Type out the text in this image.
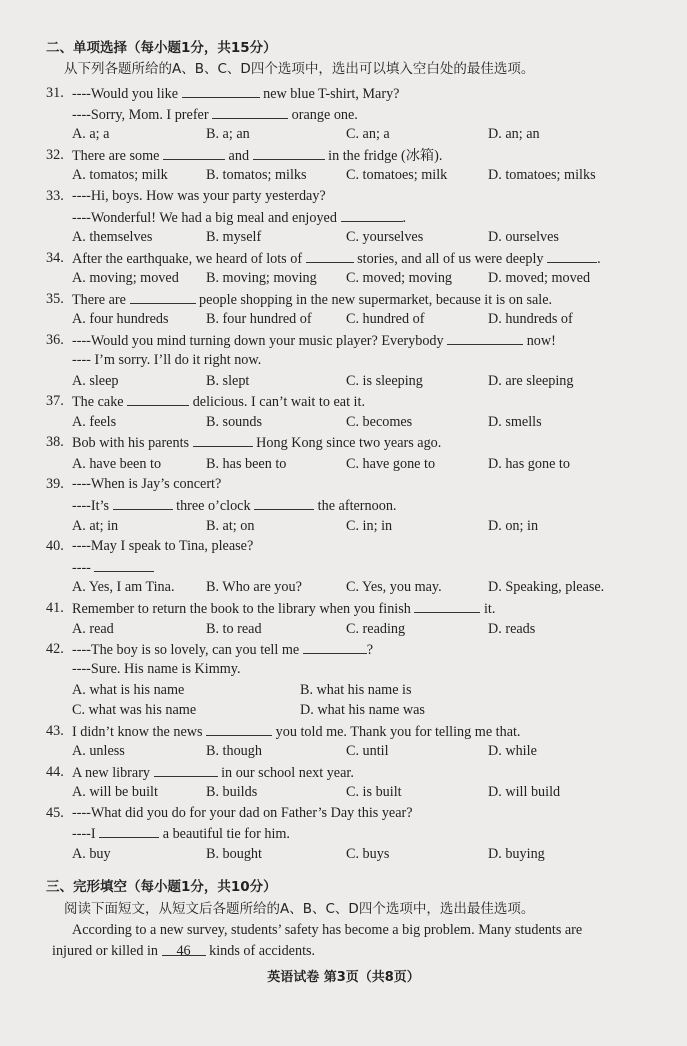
二、单项选择（每小题1分，共15分）
从下列各题所给的A、B、C、D四个选项中，选出可以填入空白处的最佳选项。
31. ----Would you like	new blue T-shirt, Mary?
----Sorry, Mom. I prefer	orange one.
A. a; a	B. a; an	C. an; a	D. an; an
32. There are some	and	in the fridge (冰箱).
A. tomatos; milk	B. tomatos; milks	C. tomatoes; milk	D. tomatoes; milks
33. ----Hi, boys. How was your party yesterday?
----Wonderful! We had a big meal and enjoyed	.
A. themselves	B. myself	C. yourselves	D. ourselves
34. After the earthquake, we heard of lots of	stories, and all of us were deeply	.
A. moving; moved B. moving; moving C. moved; moving	D. moved; moved
35. There are	people shopping in the new supermarket, because it is on sale.
A. four hundreds	B. four hundred of C. hundred of	D. hundreds of
36. ----Would you mind turning down your music player? Everybody	now!
---- I’m sorry. I’ll do it right now.
A. sleep	B. slept	C. is sleeping	D. are sleeping
37. The cake	delicious. I can’t wait to eat it.
A. feels	B. sounds	C. becomes	D. smells
38. Bob with his parents	Hong Kong since two years ago.
A. have been to	B. has been to	C. have gone to	D. has gone to
39. ----When is Jay’s concert?
----It’s	three o’clock	the afternoon.
A. at; in	B. at; on	C. in; in	D. on; in
40. ----May I speak to Tina, please?
----
A. Yes, I am Tina. B. Who are you?	C. Yes, you may.	D. Speaking, please.
41. Remember to return the book to the library when you finish	it.
A. read	B. to read	C. reading	D. reads
42. ----The boy is so lovely, can you tell me	?
----Sure. His name is Kimmy.
A. what is his name	B. what his name is
C. what was his name	D. what his name was
43. I didn’t know the news	you told me. Thank you for telling me that.
A. unless	B. though	C. until	D. while
44. A new library	in our school next year.
A. will be built	B. builds	C. is built	D. will build
45. ----What did you do for your dad on Father’s Day this year?
----I	a beautiful tie for him.
A. buy	B. bought	C. buys	D. buying
三、完形填空（每小题1分，共10分）
阅读下面短文，从短文后各题所给的A、B、C、D四个选项中，选出最佳选项。
According to a new survey, students’ safety has become a big problem. Many students are
injured or killed in 46 kinds of accidents.
英语试卷 第3页（共8页）
